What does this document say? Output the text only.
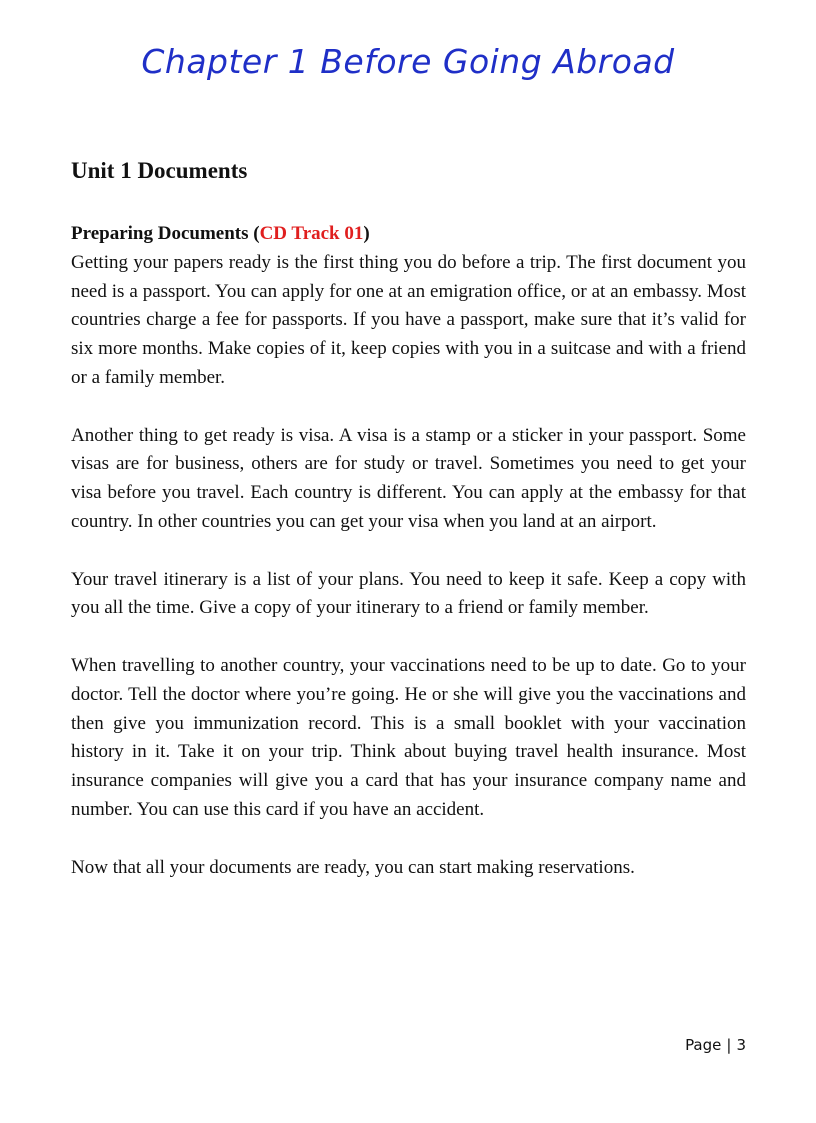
Chapter 1 Before Going Abroad
Unit 1 Documents

Preparing Documents (CD Track 01)

Getting your papers ready is the first thing you do before a trip. The first document you need is a passport. You can apply for one at an emigration office, or at an embassy. Most countries charge a fee for passports. If you have a passport, make sure that it’s valid for six more months. Make copies of it, keep copies with you in a suitcase and with a friend or a family member.

Another thing to get ready is visa. A visa is a stamp or a sticker in your passport. Some visas are for business, others are for study or travel. Sometimes you need to get your visa before you travel. Each country is different. You can apply at the embassy for that country. In other countries you can get your visa when you land at an airport.

Your travel itinerary is a list of your plans. You need to keep it safe. Keep a copy with you all the time. Give a copy of your itinerary to a friend or family member.

When travelling to another country, your vaccinations need to be up to date. Go to your doctor. Tell the doctor where you’re going. He or she will give you the vaccinations and then give you immunization record. This is a small booklet with your vaccination history in it. Take it on your trip. Think about buying travel health insurance. Most insurance companies will give you a card that has your insurance company name and number. You can use this card if you have an accident.

Now that all your documents are ready, you can start making reservations.

Page | 3
